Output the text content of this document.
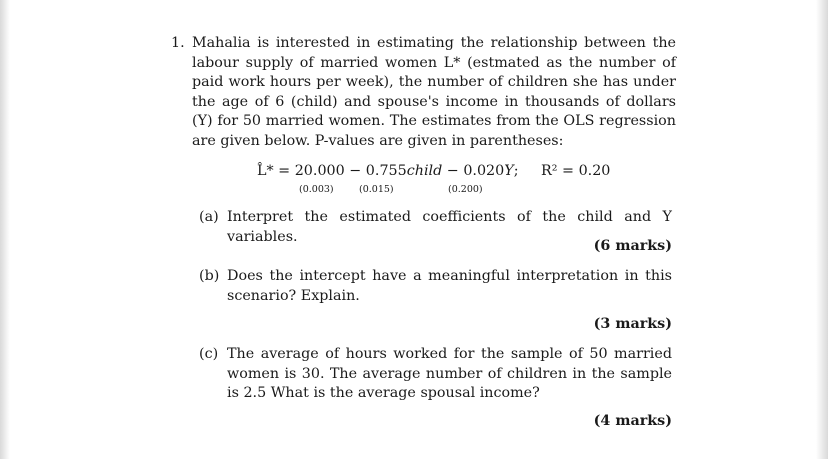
1. Mahalia is interested in estimating the relationship between the labour supply of married women L* (estmated as the number of paid work hours per week), the number of children she has under the age of 6 (child) and spouse's income in thousands of dollars (Y) for 50 married women. The estimates from the OLS regression are given below. P-values are given in parentheses:
L̂* = 20.000 − 0.755child − 0.020Y; R² = 0.20
(0.003)	(0.015)	(0.200)
(a) Interpret the estimated coefficients of the child and Y variables.
(6 marks)
(b) Does the intercept have a meaningful interpretation in this scenario? Explain.
(3 marks)
(c) The average of hours worked for the sample of 50 married women is 30. The average number of children in the sample is 2.5 What is the average spousal income?
(4 marks)
